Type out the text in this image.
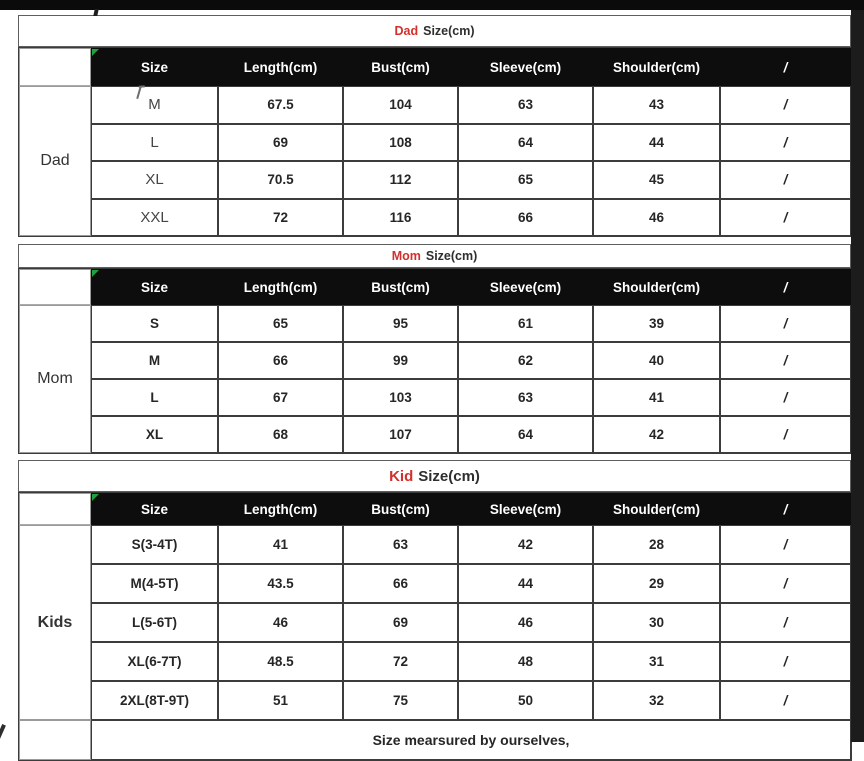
Dad Size(cm)
Size	Length(cm)	Bust(cm)	Sleeve(cm)	Shoulder(cm)	/
Dad
M	67.5	104	63	43	/
L	69	108	64	44	/
XL	70.5	112	65	45	/
XXL	72	116	66	46	/
Mom Size(cm)
Size	Length(cm)	Bust(cm)	Sleeve(cm)	Shoulder(cm)	/
Mom
S	65	95	61	39	/
M	66	99	62	40	/
L	67	103	63	41	/
XL	68	107	64	42	/
Kid Size(cm)
Size	Length(cm)	Bust(cm)	Sleeve(cm)	Shoulder(cm)	/
Kids
S(3-4T)	41	63	42	28	/
M(4-5T)	43.5	66	44	29	/
L(5-6T)	46	69	46	30	/
XL(6-7T)	48.5	72	48	31	/
2XL(8T-9T)	51	75	50	32	/
Size mearsured by ourselves,
